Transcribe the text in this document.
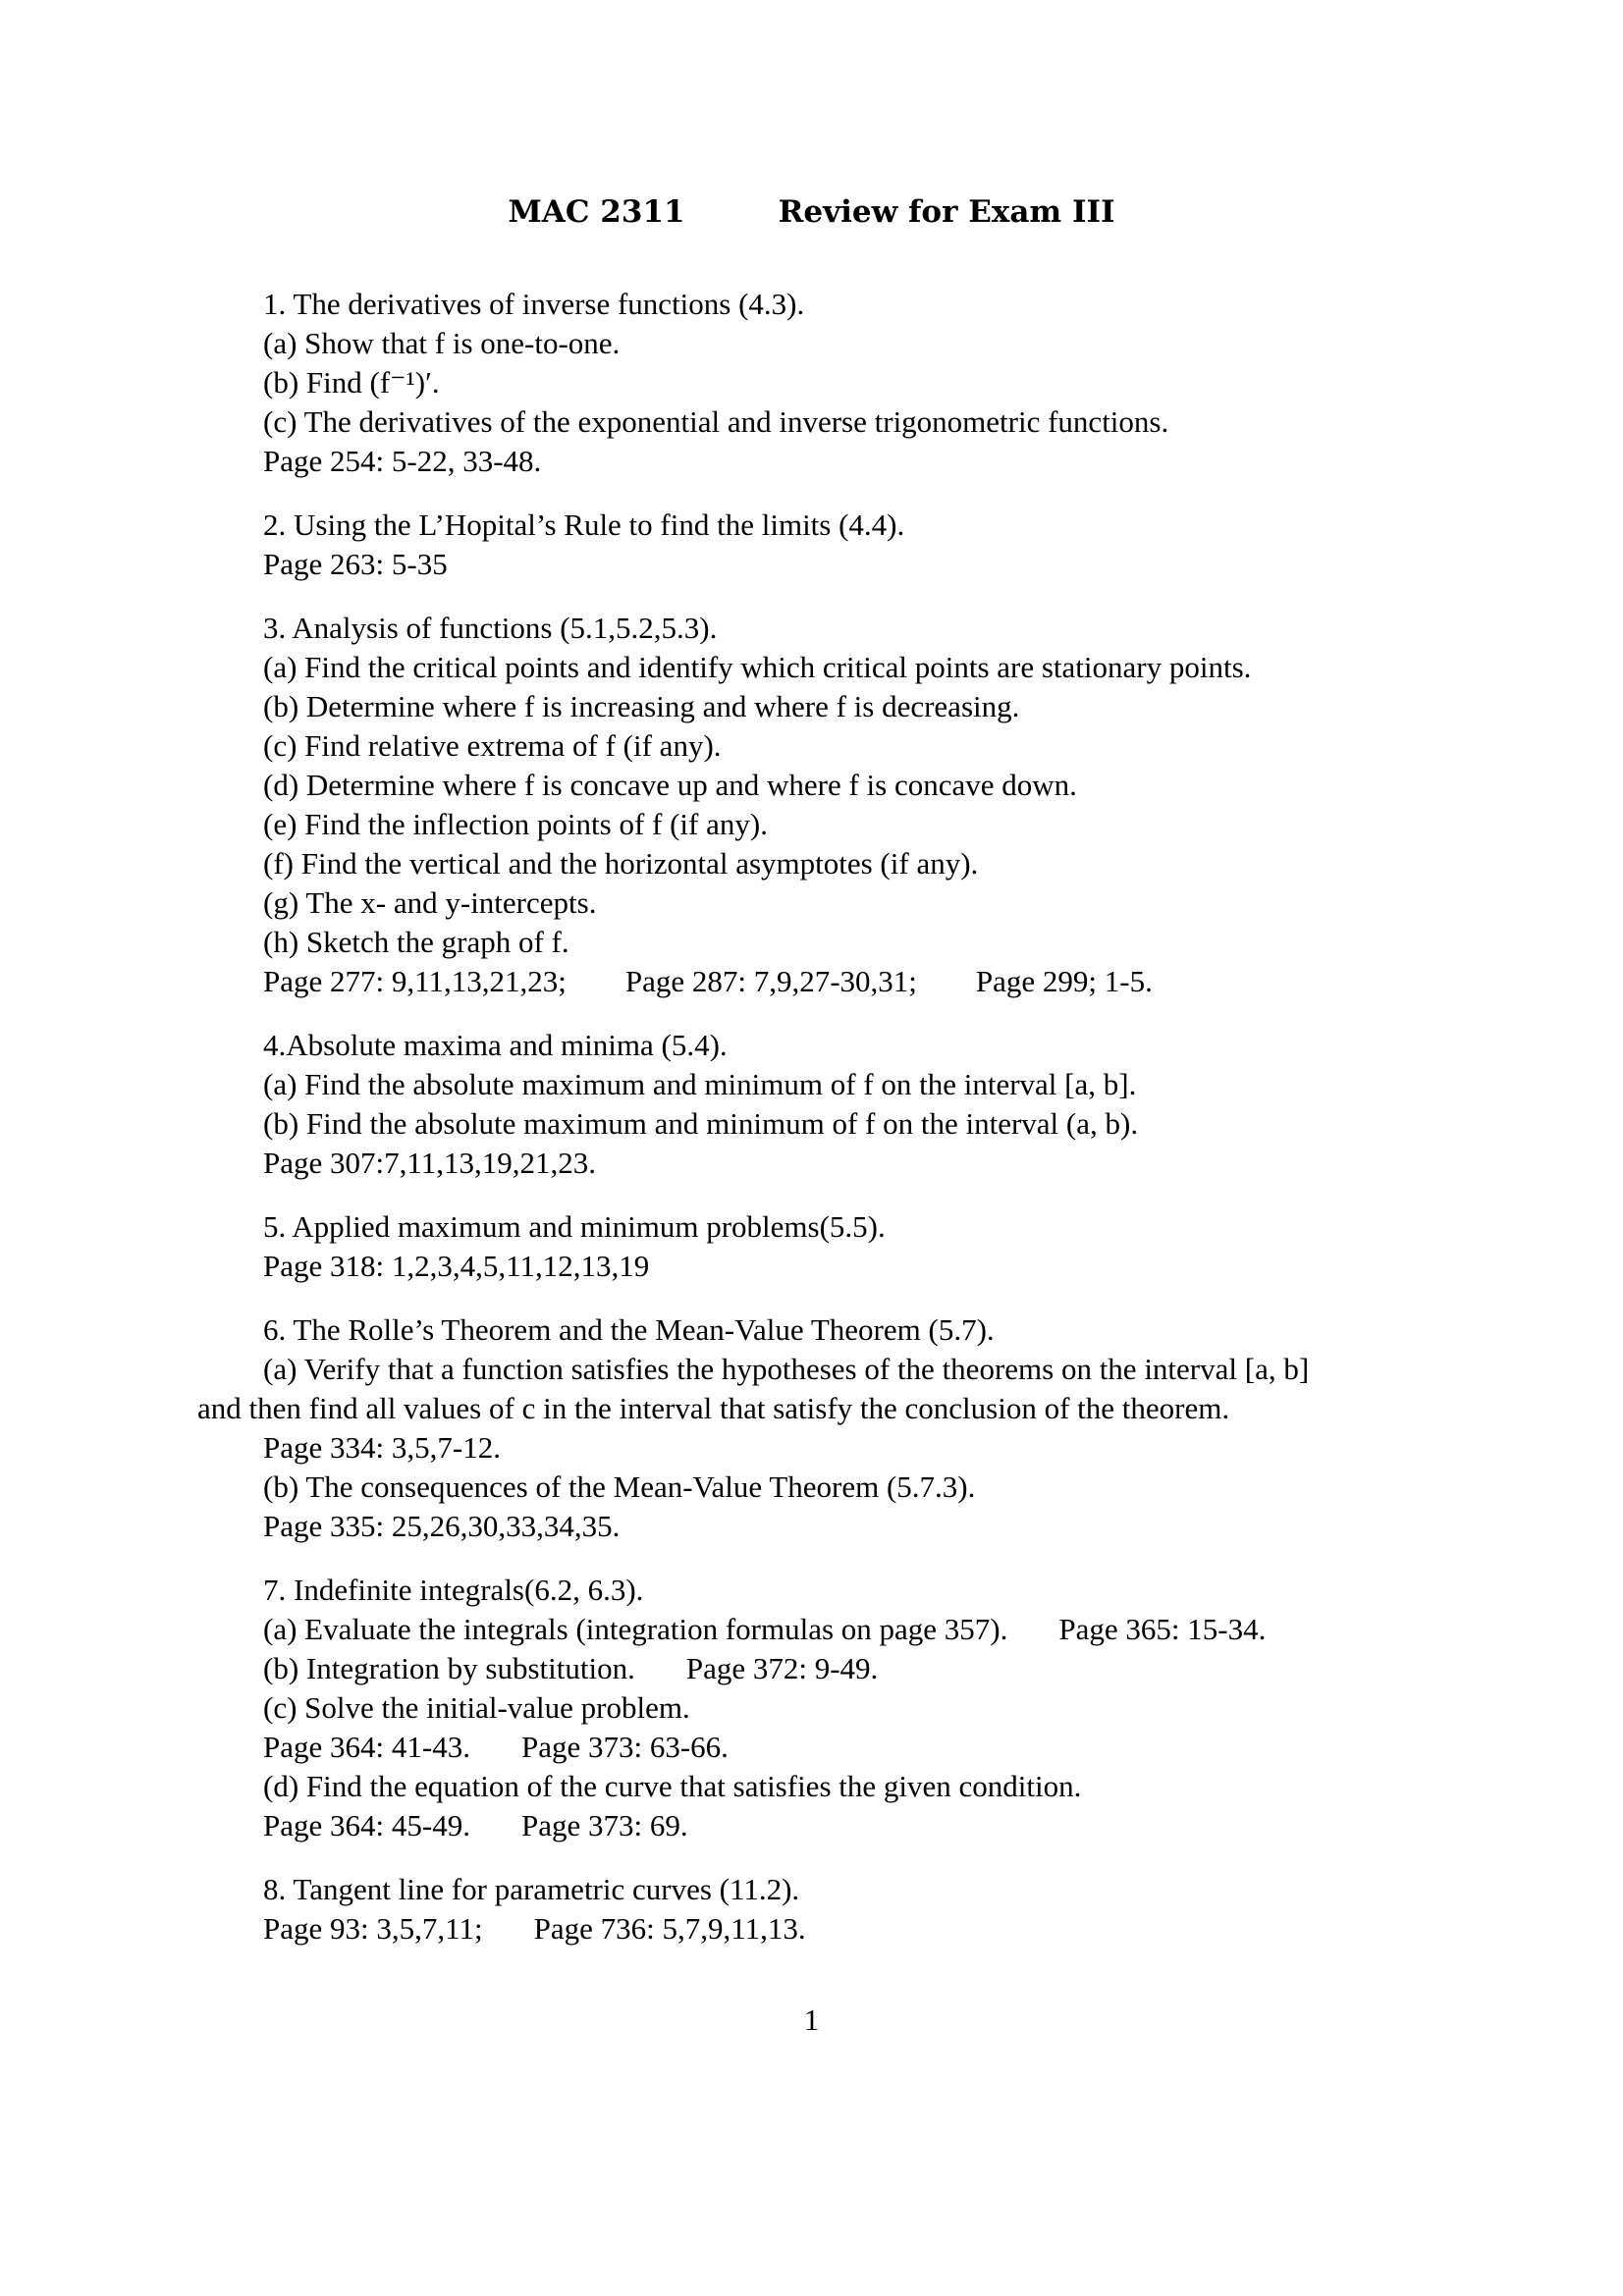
MAC 2311	Review for Exam III
1. The derivatives of inverse functions (4.3).
(a) Show that f is one-to-one.
(b) Find (f⁻¹)′.
(c) The derivatives of the exponential and inverse trigonometric functions.
Page 254: 5-22, 33-48.
2. Using the L’Hopital’s Rule to find the limits (4.4).
Page 263: 5-35
3. Analysis of functions (5.1,5.2,5.3).
(a) Find the critical points and identify which critical points are stationary points.
(b) Determine where f is increasing and where f is decreasing.
(c) Find relative extrema of f (if any).
(d) Determine where f is concave up and where f is concave down.
(e) Find the inflection points of f (if any).
(f) Find the vertical and the horizontal asymptotes (if any).
(g) The x- and y-intercepts.
(h) Sketch the graph of f.
Page 277: 9,11,13,21,23; Page 287: 7,9,27-30,31; Page 299; 1-5.
4.Absolute maxima and minima (5.4).
(a) Find the absolute maximum and minimum of f on the interval [a, b].
(b) Find the absolute maximum and minimum of f on the interval (a, b).
Page 307:7,11,13,19,21,23.
5. Applied maximum and minimum problems(5.5).
Page 318: 1,2,3,4,5,11,12,13,19
6. The Rolle’s Theorem and the Mean-Value Theorem (5.7).
(a) Verify that a function satisfies the hypotheses of the theorems on the interval [a, b]
and then find all values of c in the interval that satisfy the conclusion of the theorem.
Page 334: 3,5,7-12.
(b) The consequences of the Mean-Value Theorem (5.7.3).
Page 335: 25,26,30,33,34,35.
7. Indefinite integrals(6.2, 6.3).
(a) Evaluate the integrals (integration formulas on page 357). Page 365: 15-34.
(b) Integration by substitution. Page 372: 9-49.
(c) Solve the initial-value problem.
Page 364: 41-43. Page 373: 63-66.
(d) Find the equation of the curve that satisfies the given condition.
Page 364: 45-49. Page 373: 69.
8. Tangent line for parametric curves (11.2).
Page 93: 3,5,7,11; Page 736: 5,7,9,11,13.
1
